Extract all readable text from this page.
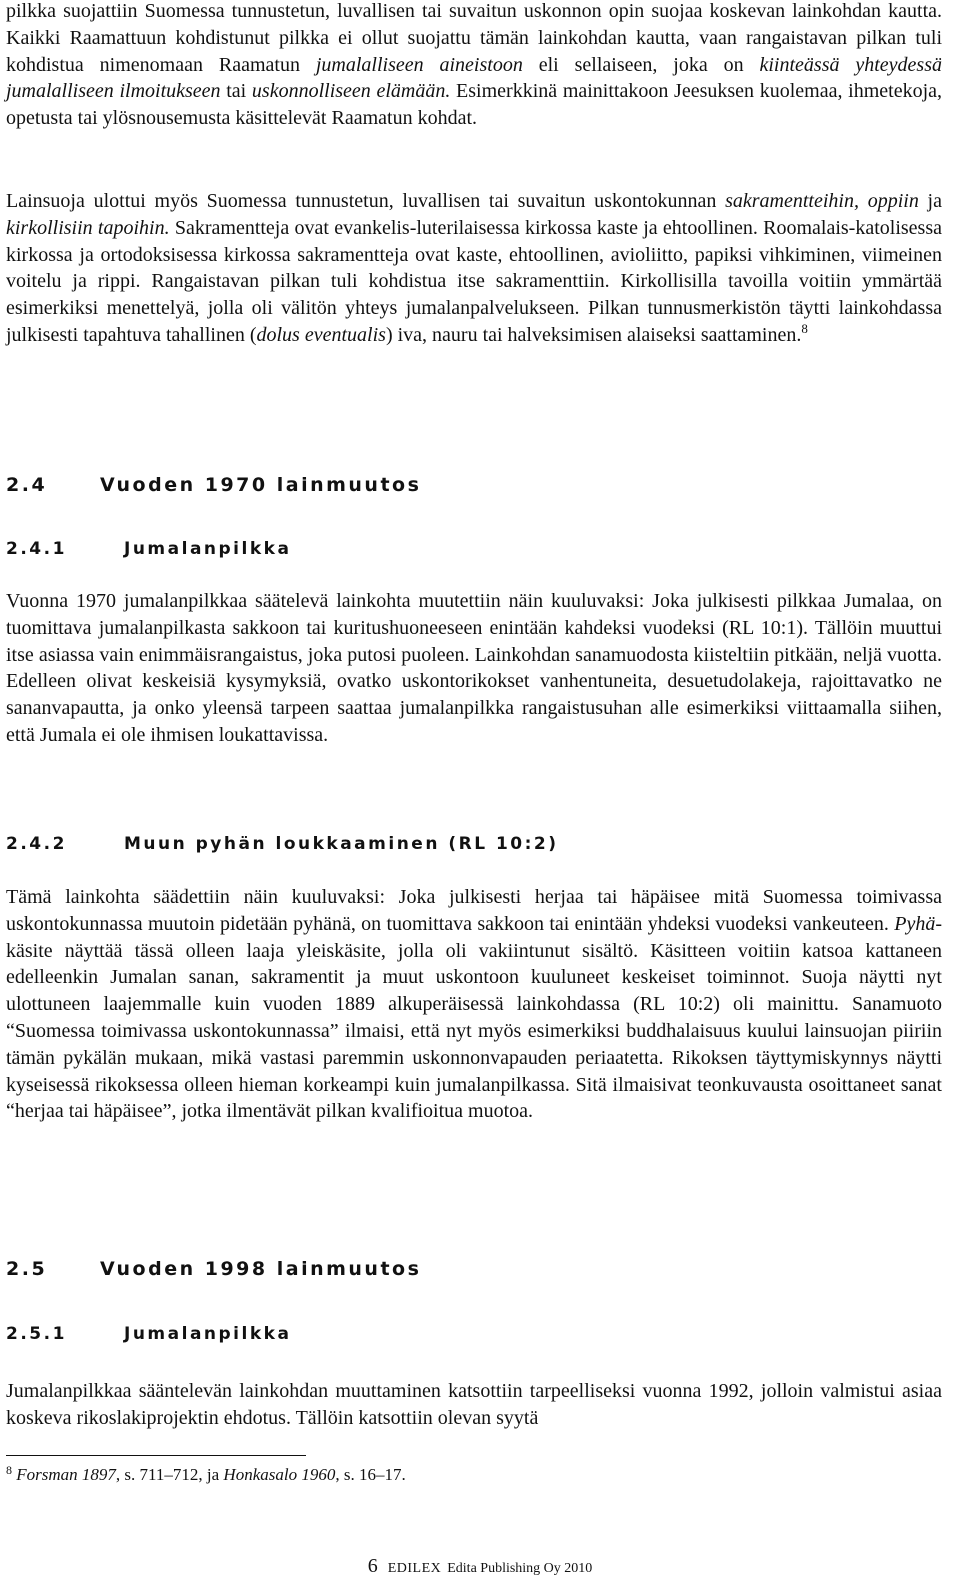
pilkka suojattiin Suomessa tunnustetun, luvallisen tai suvaitun uskonnon opin suojaa koskevan lainkohdan kautta. Kaikki Raamattuun kohdistunut pilkka ei ollut suojattu tämän lainkohdan kautta, vaan rangaistavan pilkan tuli kohdistua nimenomaan Raamatun jumalalliseen aineistoon eli sellaiseen, joka on kiinteässä yhteydessä jumalalliseen ilmoitukseen tai uskonnolliseen elämään. Esimerkkinä mainittakoon Jeesuksen kuolemaa, ihmetekoja, opetusta tai ylösnousemusta käsittelevät Raamatun kohdat.

Lainsuoja ulottui myös Suomessa tunnustetun, luvallisen tai suvaitun uskontokunnan sakramentteihin, oppiin ja kirkollisiin tapoihin. Sakramentteja ovat evankelis-luterilaisessa kirkossa kaste ja ehtoollinen. Roomalais-katolisessa kirkossa ja ortodoksisessa kirkossa sakramentteja ovat kaste, ehtoollinen, avioliitto, papiksi vihkiminen, viimeinen voitelu ja rippi. Rangaistavan pilkan tuli kohdistua itse sakramenttiin. Kirkollisilla tavoilla voitiin ymmärtää esimerkiksi menettelyä, jolla oli välitön yhteys jumalanpalvelukseen. Pilkan tunnusmerkistön täytti lainkohdassa julkisesti tapahtuva tahallinen (dolus eventualis) iva, nauru tai halveksimisen alaiseksi saattaminen.$^8$

2.4	Vuoden 1970 lainmuutos
2.4.1	Jumalanpilkka

Vuonna 1970 jumalanpilkkaa säätelevä lainkohta muutettiin näin kuuluvaksi: Joka julkisesti pilkkaa Jumalaa, on tuomittava jumalanpilkasta sakkoon tai kuritushuoneeseen enintään kahdeksi vuodeksi (RL 10:1). Tällöin muuttui itse asiassa vain enimmäisrangaistus, joka putosi puoleen. Lainkohdan sanamuodosta kiisteltiin pitkään, neljä vuotta. Edelleen olivat keskeisiä kysymyksiä, ovatko uskontorikokset vanhentuneita, desuetudolakeja, rajoittavatko ne sananvapautta, ja onko yleensä tarpeen saattaa jumalanpilkka rangaistusuhan alle esimerkiksi viittaamalla siihen, että Jumala ei ole ihmisen loukattavissa.

2.4.2	Muun pyhän loukkaaminen (RL 10:2)

Tämä lainkohta säädettiin näin kuuluvaksi: Joka julkisesti herjaa tai häpäisee mitä Suomessa toimivassa uskontokunnassa muutoin pidetään pyhänä, on tuomittava sakkoon tai enintään yhdeksi vuodeksi vankeuteen. Pyhä-käsite näyttää tässä olleen laaja yleiskäsite, jolla oli vakiintunut sisältö. Käsitteen voitiin katsoa kattaneen edelleenkin Jumalan sanan, sakramentit ja muut uskontoon kuuluneet keskeiset toiminnot. Suoja näytti nyt ulottuneen laajemmalle kuin vuoden 1889 alkuperäisessä lainkohdassa (RL 10:2) oli mainittu. Sanamuoto “Suomessa toimivassa uskontokunnassa” ilmaisi, että nyt myös esimerkiksi buddhalaisuus kuului lainsuojan piiriin tämän pykälän mukaan, mikä vastasi paremmin uskonnonvapauden periaatetta. Rikoksen täyttymiskynnys näytti kyseisessä rikoksessa olleen hieman korkeampi kuin jumalanpilkassa. Sitä ilmaisivat teonkuvausta osoittaneet sanat “herjaa tai häpäisee”, jotka ilmentävät pilkan kvalifioitua muotoa.

2.5	Vuoden 1998 lainmuutos
2.5.1	Jumalanpilkka

Jumalanpilkkaa sääntelevän lainkohdan muuttaminen katsottiin tarpeelliseksi vuonna 1992, jolloin valmistui asiaa koskeva rikoslakiprojektin ehdotus. Tällöin katsottiin olevan syytä

$^8$ Forsman 1897, s. 711–712, ja Honkasalo 1960, s. 16–17.
6 EDILEX Edita Publishing Oy 2010
